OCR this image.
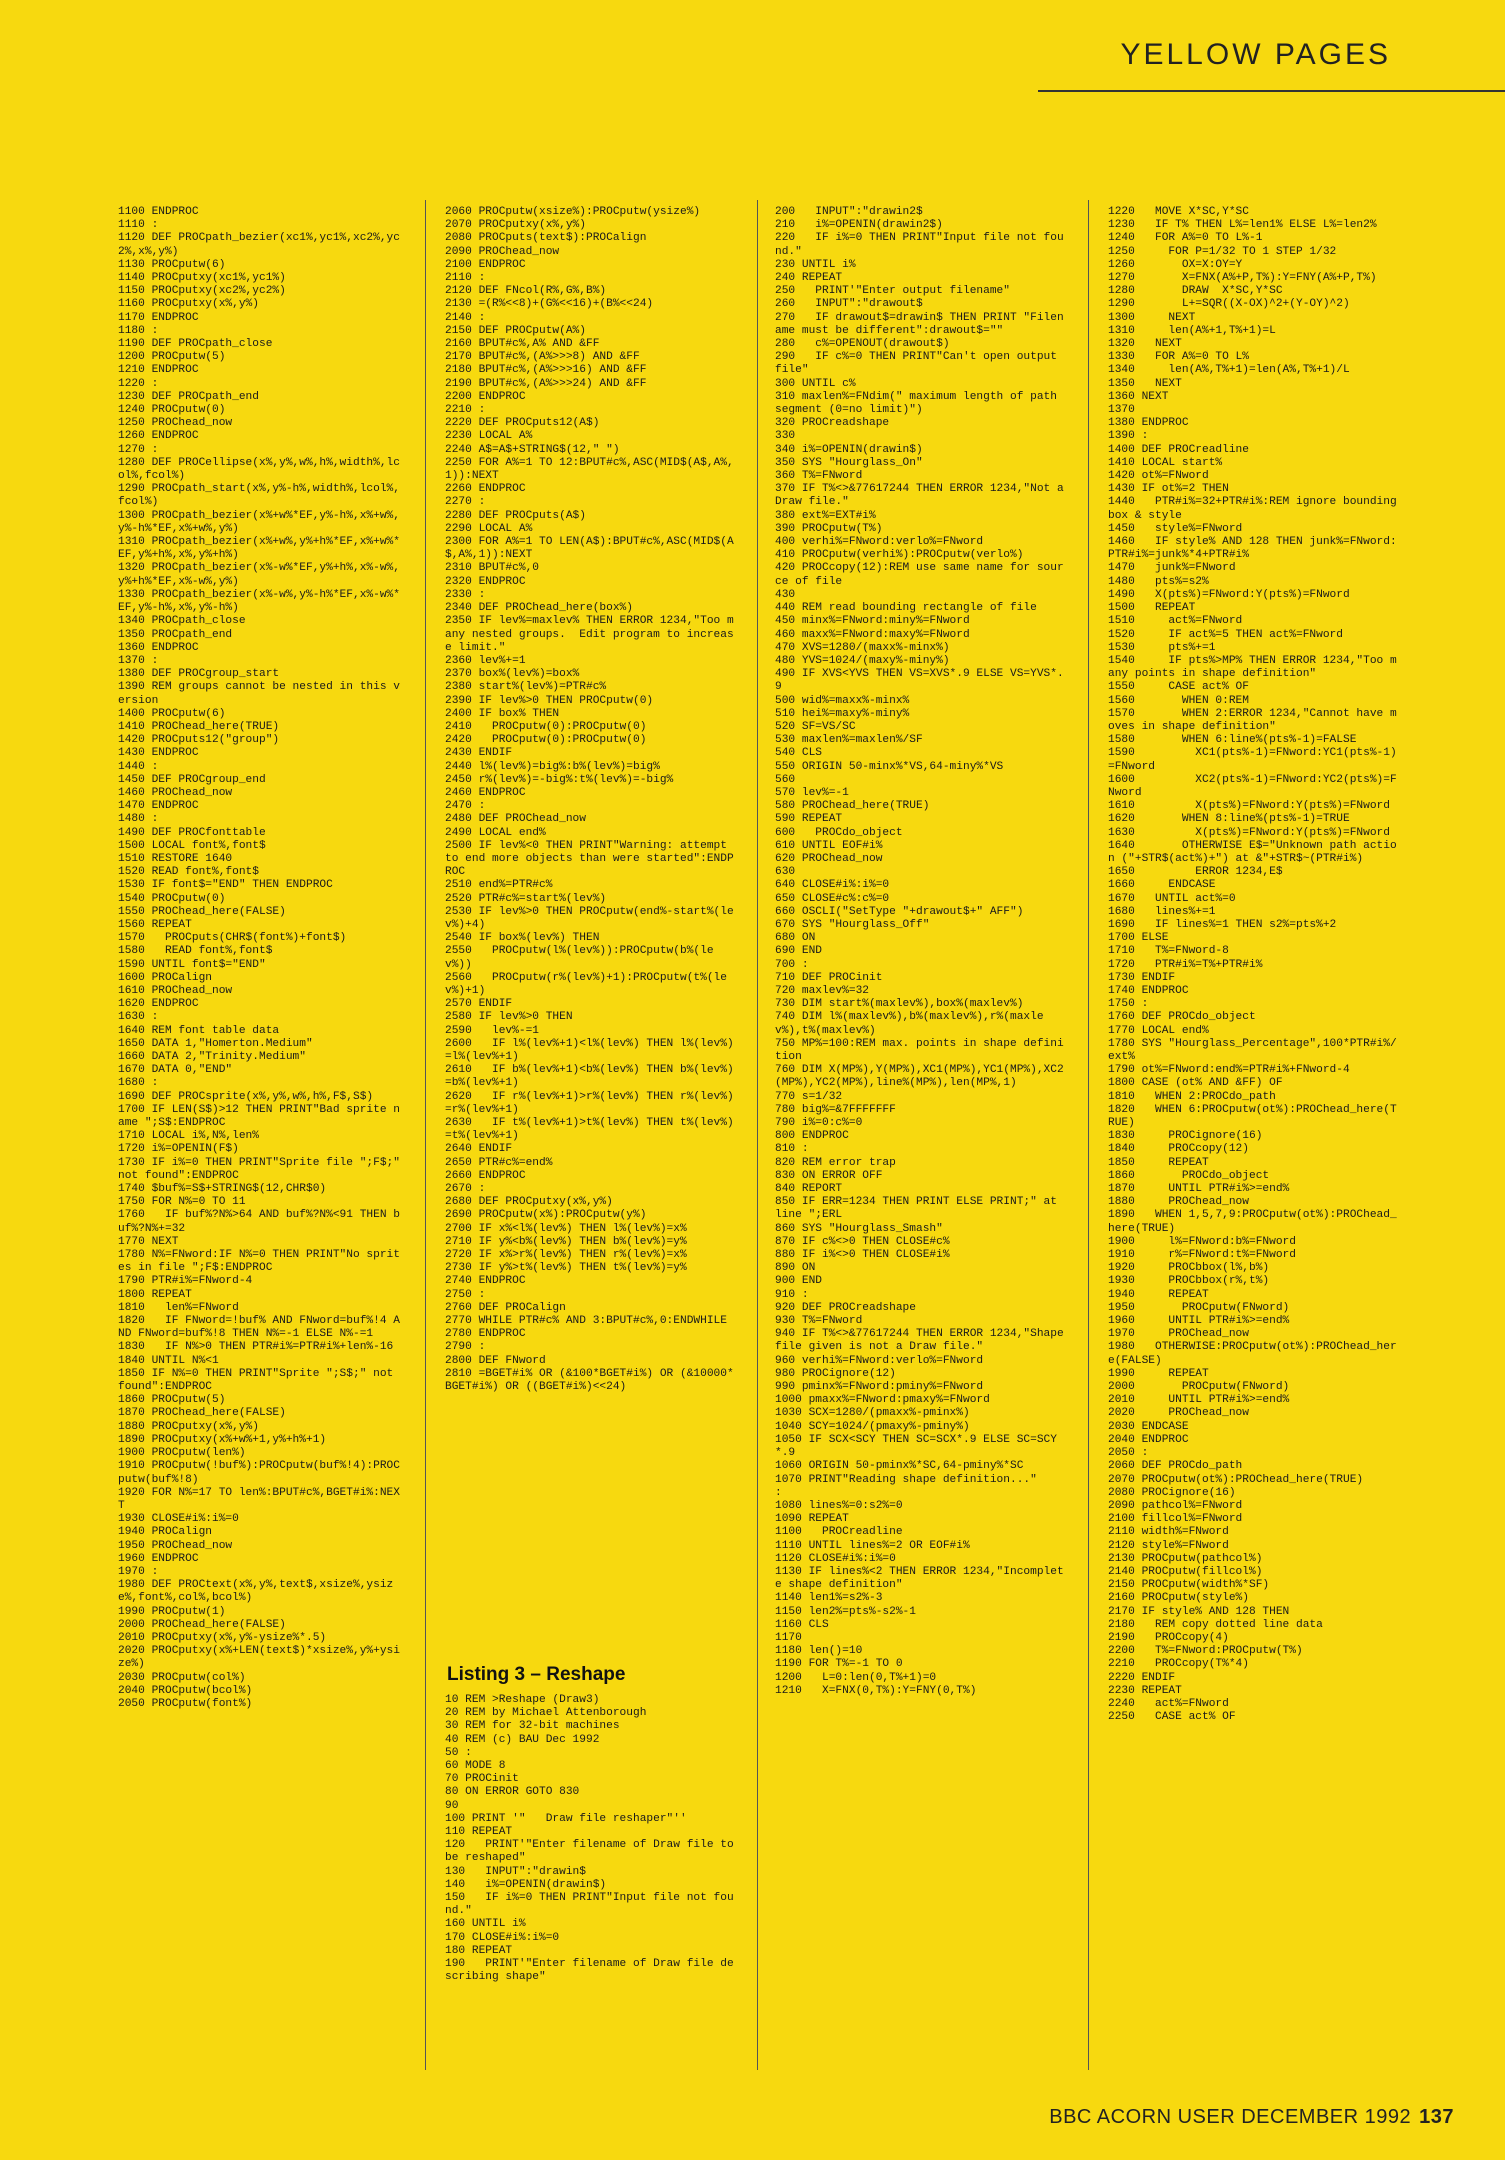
YELLOW PAGES
1100 ENDPROC
1110 :
1120 DEF PROCpath_bezier(xc1%,yc1%,xc2%,yc2%,x%,y%)
1130 PROCputw(6)
1140 PROCputxy(xc1%,yc1%)
1150 PROCputxy(xc2%,yc2%)
1160 PROCputxy(x%,y%)
1170 ENDPROC
1180 :
1190 DEF PROCpath_close
1200 PROCputw(5)
1210 ENDPROC
1220 :
1230 DEF PROCpath_end
1240 PROCputw(0)
1250 PROChead_now
1260 ENDPROC
1270 :
1280 DEF PROCellipse(x%,y%,w%,h%,width%,lcol%,fcol%)
1290 PROCpath_start(x%,y%-h%,width%,lcol%,fcol%)
1300 PROCpath_bezier(x%+w%*EF,y%-h%,x%+w%,y%-h%*EF,x%+w%,y%)
1310 PROCpath_bezier(x%+w%,y%+h%*EF,x%+w%*EF,y%+h%,x%,y%+h%)
1320 PROCpath_bezier(x%-w%*EF,y%+h%,x%-w%,y%+h%*EF,x%-w%,y%)
1330 PROCpath_bezier(x%-w%,y%-h%*EF,x%-w%*EF,y%-h%,x%,y%-h%)
1340 PROCpath_close
1350 PROCpath_end
1360 ENDPROC
1370 :
1380 DEF PROCgroup_start
1390 REM groups cannot be nested in this version
1400 PROCputw(6)
1410 PROChead_here(TRUE)
1420 PROCputs12("group")
1430 ENDPROC
1440 :
1450 DEF PROCgroup_end
1460 PROChead_now
1470 ENDPROC
1480 :
1490 DEF PROCfonttable
1500 LOCAL font%,font$
1510 RESTORE 1640
1520 READ font%,font$
1530 IF font$="END" THEN ENDPROC
1540 PROCputw(0)
1550 PROChead_here(FALSE)
1560 REPEAT
1570   PROCputs(CHR$(font%)+font$)
1580   READ font%,font$
1590 UNTIL font$="END"
1600 PROCalign
1610 PROChead_now
1620 ENDPROC
1630 :
1640 REM font table data
1650 DATA 1,"Homerton.Medium"
1660 DATA 2,"Trinity.Medium"
1670 DATA 0,"END"
1680 :
1690 DEF PROCsprite(x%,y%,w%,h%,F$,S$)
1700 IF LEN(S$)>12 THEN PRINT"Bad sprite name ";S$:ENDPROC
1710 LOCAL i%,N%,len%
1720 i%=OPENIN(F$)
1730 IF i%=0 THEN PRINT"Sprite file ";F$;" not found":ENDPROC
1740 $buf%=S$+STRING$(12,CHR$0)
1750 FOR N%=0 TO 11
1760   IF buf%?N%>64 AND buf%?N%<91 THEN buf%?N%+=32
1770 NEXT
1780 N%=FNword:IF N%=0 THEN PRINT"No sprites in file ";F$:ENDPROC
1790 PTR#i%=FNword-4
1800 REPEAT
1810   len%=FNword
1820   IF FNword=!buf% AND FNword=buf%!4 AND FNword=buf%!8 THEN N%=-1 ELSE N%-=1
1830   IF N%>0 THEN PTR#i%=PTR#i%+len%-16
1840 UNTIL N%<1
1850 IF N%=0 THEN PRINT"Sprite ";S$;" not found":ENDPROC
1860 PROCputw(5)
1870 PROChead_here(FALSE)
1880 PROCputxy(x%,y%)
1890 PROCputxy(x%+w%+1,y%+h%+1)
1900 PROCputw(len%)
1910 PROCputw(!buf%):PROCputw(buf%!4):PROCputw(buf%!8)
1920 FOR N%=17 TO len%:BPUT#c%,BGET#i%:NEXT
1930 CLOSE#i%:i%=0
1940 PROCalign
1950 PROChead_now
1960 ENDPROC
1970 :
1980 DEF PROCtext(x%,y%,text$,xsize%,ysize%,font%,col%,bcol%)
1990 PROCputw(1)
2000 PROChead_here(FALSE)
2010 PROCputxy(x%,y%-ysize%*.5)
2020 PROCputxy(x%+LEN(text$)*xsize%,y%+ysize%)
2030 PROCputw(col%)
2040 PROCputw(bcol%)
2050 PROCputw(font%)
2060 PROCputw(xsize%):PROCputw(ysize%)
2070 PROCputxy(x%,y%)
2080 PROCputs(text$):PROCalign
2090 PROChead_now
2100 ENDPROC
2110 :
2120 DEF FNcol(R%,G%,B%)
2130 =(R%<<8)+(G%<<16)+(B%<<24)
2140 :
2150 DEF PROCputw(A%)
2160 BPUT#c%,A% AND &FF
2170 BPUT#c%,(A%>>>8) AND &FF
2180 BPUT#c%,(A%>>>16) AND &FF
2190 BPUT#c%,(A%>>>24) AND &FF
2200 ENDPROC
2210 :
2220 DEF PROCputs12(A$)
2230 LOCAL A%
2240 A$=A$+STRING$(12," ")
2250 FOR A%=1 TO 12:BPUT#c%,ASC(MID$(A$,A%,1)):NEXT
2260 ENDPROC
2270 :
2280 DEF PROCputs(A$)
2290 LOCAL A%
2300 FOR A%=1 TO LEN(A$):BPUT#c%,ASC(MID$(A$,A%,1)):NEXT
2310 BPUT#c%,0
2320 ENDPROC
2330 :
2340 DEF PROChead_here(box%)
2350 IF lev%=maxlev% THEN ERROR 1234,"Too many nested groups.  Edit program to increase limit."
2360 lev%+=1
2370 box%(lev%)=box%
2380 start%(lev%)=PTR#c%
2390 IF lev%>0 THEN PROCputw(0)
2400 IF box% THEN
2410   PROCputw(0):PROCputw(0)
2420   PROCputw(0):PROCputw(0)
2430 ENDIF
2440 l%(lev%)=big%:b%(lev%)=big%
2450 r%(lev%)=-big%:t%(lev%)=-big%
2460 ENDPROC
2470 :
2480 DEF PROChead_now
2490 LOCAL end%
2500 IF lev%<0 THEN PRINT"Warning: attempt to end more objects than were started":ENDPROC
2510 end%=PTR#c%
2520 PTR#c%=start%(lev%)
2530 IF lev%>0 THEN PROCputw(end%-start%(lev%)+4)
2540 IF box%(lev%) THEN
2550   PROCputw(l%(lev%)):PROCputw(b%(lev%))
2560   PROCputw(r%(lev%)+1):PROCputw(t%(lev%)+1)
2570 ENDIF
2580 IF lev%>0 THEN
2590   lev%-=1
2600   IF l%(lev%+1)<l%(lev%) THEN l%(lev%)=l%(lev%+1)
2610   IF b%(lev%+1)<b%(lev%) THEN b%(lev%)=b%(lev%+1)
2620   IF r%(lev%+1)>r%(lev%) THEN r%(lev%)=r%(lev%+1)
2630   IF t%(lev%+1)>t%(lev%) THEN t%(lev%)=t%(lev%+1)
2640 ENDIF
2650 PTR#c%=end%
2660 ENDPROC
2670 :
2680 DEF PROCputxy(x%,y%)
2690 PROCputw(x%):PROCputw(y%)
2700 IF x%<l%(lev%) THEN l%(lev%)=x%
2710 IF y%<b%(lev%) THEN b%(lev%)=y%
2720 IF x%>r%(lev%) THEN r%(lev%)=x%
2730 IF y%>t%(lev%) THEN t%(lev%)=y%
2740 ENDPROC
2750 :
2760 DEF PROCalign
2770 WHILE PTR#c% AND 3:BPUT#c%,0:ENDWHILE
2780 ENDPROC
2790 :
2800 DEF FNword
2810 =BGET#i% OR (&100*BGET#i%) OR (&10000*BGET#i%) OR ((BGET#i%)<<24)
Listing 3 – Reshape
10 REM >Reshape (Draw3)
20 REM by Michael Attenborough
30 REM for 32-bit machines
40 REM (c) BAU Dec 1992
50 :
60 MODE 8
70 PROCinit
80 ON ERROR GOTO 830
90
100 PRINT '"   Draw file reshaper"''
110 REPEAT
120   PRINT'"Enter filename of Draw file to be reshaped"
130   INPUT":"drawin$
140   i%=OPENIN(drawin$)
150   IF i%=0 THEN PRINT"Input file not found."
160 UNTIL i%
170 CLOSE#i%:i%=0
180 REPEAT
190   PRINT'"Enter filename of Draw file describing shape"
200   INPUT":"drawin2$
210   i%=OPENIN(drawin2$)
220   IF i%=0 THEN PRINT"Input file not found."
230 UNTIL i%
240 REPEAT
250   PRINT'"Enter output filename"
260   INPUT":"drawout$
270   IF drawout$=drawin$ THEN PRINT "Filename must be different":drawout$=""
280   c%=OPENOUT(drawout$)
290   IF c%=0 THEN PRINT"Can't open output file"
300 UNTIL c%
310 maxlen%=FNdim(" maximum length of path segment (0=no limit)")
320 PROCreadshape
330
340 i%=OPENIN(drawin$)
350 SYS "Hourglass_On"
360 T%=FNword
370 IF T%<>&77617244 THEN ERROR 1234,"Not a Draw file."
380 ext%=EXT#i%
390 PROCputw(T%)
400 verhi%=FNword:verlo%=FNword
410 PROCputw(verhi%):PROCputw(verlo%)
420 PROCcopy(12):REM use same name for source of file
430
440 REM read bounding rectangle of file
450 minx%=FNword:miny%=FNword
460 maxx%=FNword:maxy%=FNword
470 XVS=1280/(maxx%-minx%)
480 YVS=1024/(maxy%-miny%)
490 IF XVS<YVS THEN VS=XVS*.9 ELSE VS=YVS*.9
500 wid%=maxx%-minx%
510 hei%=maxy%-miny%
520 SF=VS/SC
530 maxlen%=maxlen%/SF
540 CLS
550 ORIGIN 50-minx%*VS,64-miny%*VS
560
570 lev%=-1
580 PROChead_here(TRUE)
590 REPEAT
600   PROCdo_object
610 UNTIL EOF#i%
620 PROChead_now
630
640 CLOSE#i%:i%=0
650 CLOSE#c%:c%=0
660 OSCLI("SetType "+drawout$+" AFF")
670 SYS "Hourglass_Off"
680 ON
690 END
700 :
710 DEF PROCinit
720 maxlev%=32
730 DIM start%(maxlev%),box%(maxlev%)
740 DIM l%(maxlev%),b%(maxlev%),r%(maxlev%),t%(maxlev%)
750 MP%=100:REM max. points in shape definition
760 DIM X(MP%),Y(MP%),XC1(MP%),YC1(MP%),XC2(MP%),YC2(MP%),line%(MP%),len(MP%,1)
770 s=1/32
780 big%=&7FFFFFFF
790 i%=0:c%=0
800 ENDPROC
810 :
820 REM error trap
830 ON ERROR OFF
840 REPORT
850 IF ERR=1234 THEN PRINT ELSE PRINT;" at line ";ERL
860 SYS "Hourglass_Smash"
870 IF c%<>0 THEN CLOSE#c%
880 IF i%<>0 THEN CLOSE#i%
890 ON
900 END
910 :
920 DEF PROCreadshape
930 T%=FNword
940 IF T%<>&77617244 THEN ERROR 1234,"Shape file given is not a Draw file."
960 verhi%=FNword:verlo%=FNword
980 PROCignore(12)
990 pminx%=FNword:pminy%=FNword
1000 pmaxx%=FNword:pmaxy%=FNword
1030 SCX=1280/(pmaxx%-pminx%)
1040 SCY=1024/(pmaxy%-pminy%)
1050 IF SCX<SCY THEN SC=SCX*.9 ELSE SC=SCY*.9
1060 ORIGIN 50-pminx%*SC,64-pminy%*SC
1070 PRINT"Reading shape definition..."
:
1080 lines%=0:s2%=0
1090 REPEAT
1100   PROCreadline
1110 UNTIL lines%=2 OR EOF#i%
1120 CLOSE#i%:i%=0
1130 IF lines%<2 THEN ERROR 1234,"Incomplete shape definition"
1140 len1%=s2%-3
1150 len2%=pts%-s2%-1
1160 CLS
1170
1180 len()=10
1190 FOR T%=-1 TO 0
1200   L=0:len(0,T%+1)=0
1210   X=FNX(0,T%):Y=FNY(0,T%)
1220   MOVE X*SC,Y*SC
1230   IF T% THEN L%=len1% ELSE L%=len2%
1240   FOR A%=0 TO L%-1
1250     FOR P=1/32 TO 1 STEP 1/32
1260       OX=X:OY=Y
1270       X=FNX(A%+P,T%):Y=FNY(A%+P,T%)
1280       DRAW  X*SC,Y*SC
1290       L+=SQR((X-OX)^2+(Y-OY)^2)
1300     NEXT
1310     len(A%+1,T%+1)=L
1320   NEXT
1330   FOR A%=0 TO L%
1340     len(A%,T%+1)=len(A%,T%+1)/L
1350   NEXT
1360 NEXT
1370
1380 ENDPROC
1390 :
1400 DEF PROCreadline
1410 LOCAL start%
1420 ot%=FNword
1430 IF ot%=2 THEN
1440   PTR#i%=32+PTR#i%:REM ignore bounding box & style
1450   style%=FNword
1460   IF style% AND 128 THEN junk%=FNword:PTR#i%=junk%*4+PTR#i%
1470   junk%=FNword
1480   pts%=s2%
1490   X(pts%)=FNword:Y(pts%)=FNword
1500   REPEAT
1510     act%=FNword
1520     IF act%=5 THEN act%=FNword
1530     pts%+=1
1540     IF pts%>MP% THEN ERROR 1234,"Too many points in shape definition"
1550     CASE act% OF
1560       WHEN 0:REM
1570       WHEN 2:ERROR 1234,"Cannot have moves in shape definition"
1580       WHEN 6:line%(pts%-1)=FALSE
1590         XC1(pts%-1)=FNword:YC1(pts%-1)=FNword
1600         XC2(pts%-1)=FNword:YC2(pts%)=FNword
1610         X(pts%)=FNword:Y(pts%)=FNword
1620       WHEN 8:line%(pts%-1)=TRUE
1630         X(pts%)=FNword:Y(pts%)=FNword
1640       OTHERWISE E$="Unknown path action ("+STR$(act%)+") at &"+STR$~(PTR#i%)
1650         ERROR 1234,E$
1660     ENDCASE
1670   UNTIL act%=0
1680   lines%+=1
1690   IF lines%=1 THEN s2%=pts%+2
1700 ELSE
1710   T%=FNword-8
1720   PTR#i%=T%+PTR#i%
1730 ENDIF
1740 ENDPROC
1750 :
1760 DEF PROCdo_object
1770 LOCAL end%
1780 SYS "Hourglass_Percentage",100*PTR#i%/ext%
1790 ot%=FNword:end%=PTR#i%+FNword-4
1800 CASE (ot% AND &FF) OF
1810   WHEN 2:PROCdo_path
1820   WHEN 6:PROCputw(ot%):PROChead_here(TRUE)
1830     PROCignore(16)
1840     PROCcopy(12)
1850     REPEAT
1860       PROCdo_object
1870     UNTIL PTR#i%>=end%
1880     PROChead_now
1890   WHEN 1,5,7,9:PROCputw(ot%):PROChead_here(TRUE)
1900     l%=FNword:b%=FNword
1910     r%=FNword:t%=FNword
1920     PROCbbox(l%,b%)
1930     PROCbbox(r%,t%)
1940     REPEAT
1950       PROCputw(FNword)
1960     UNTIL PTR#i%>=end%
1970     PROChead_now
1980   OTHERWISE:PROCputw(ot%):PROChead_here(FALSE)
1990     REPEAT
2000       PROCputw(FNword)
2010     UNTIL PTR#i%>=end%
2020     PROChead_now
2030 ENDCASE
2040 ENDPROC
2050 :
2060 DEF PROCdo_path
2070 PROCputw(ot%):PROChead_here(TRUE)
2080 PROCignore(16)
2090 pathcol%=FNword
2100 fillcol%=FNword
2110 width%=FNword
2120 style%=FNword
2130 PROCputw(pathcol%)
2140 PROCputw(fillcol%)
2150 PROCputw(width%*SF)
2160 PROCputw(style%)
2170 IF style% AND 128 THEN
2180   REM copy dotted line data
2190   PROCcopy(4)
2200   T%=FNword:PROCputw(T%)
2210   PROCcopy(T%*4)
2220 ENDIF
2230 REPEAT
2240   act%=FNword
2250   CASE act% OF
BBC ACORN USER DECEMBER 1992 137
